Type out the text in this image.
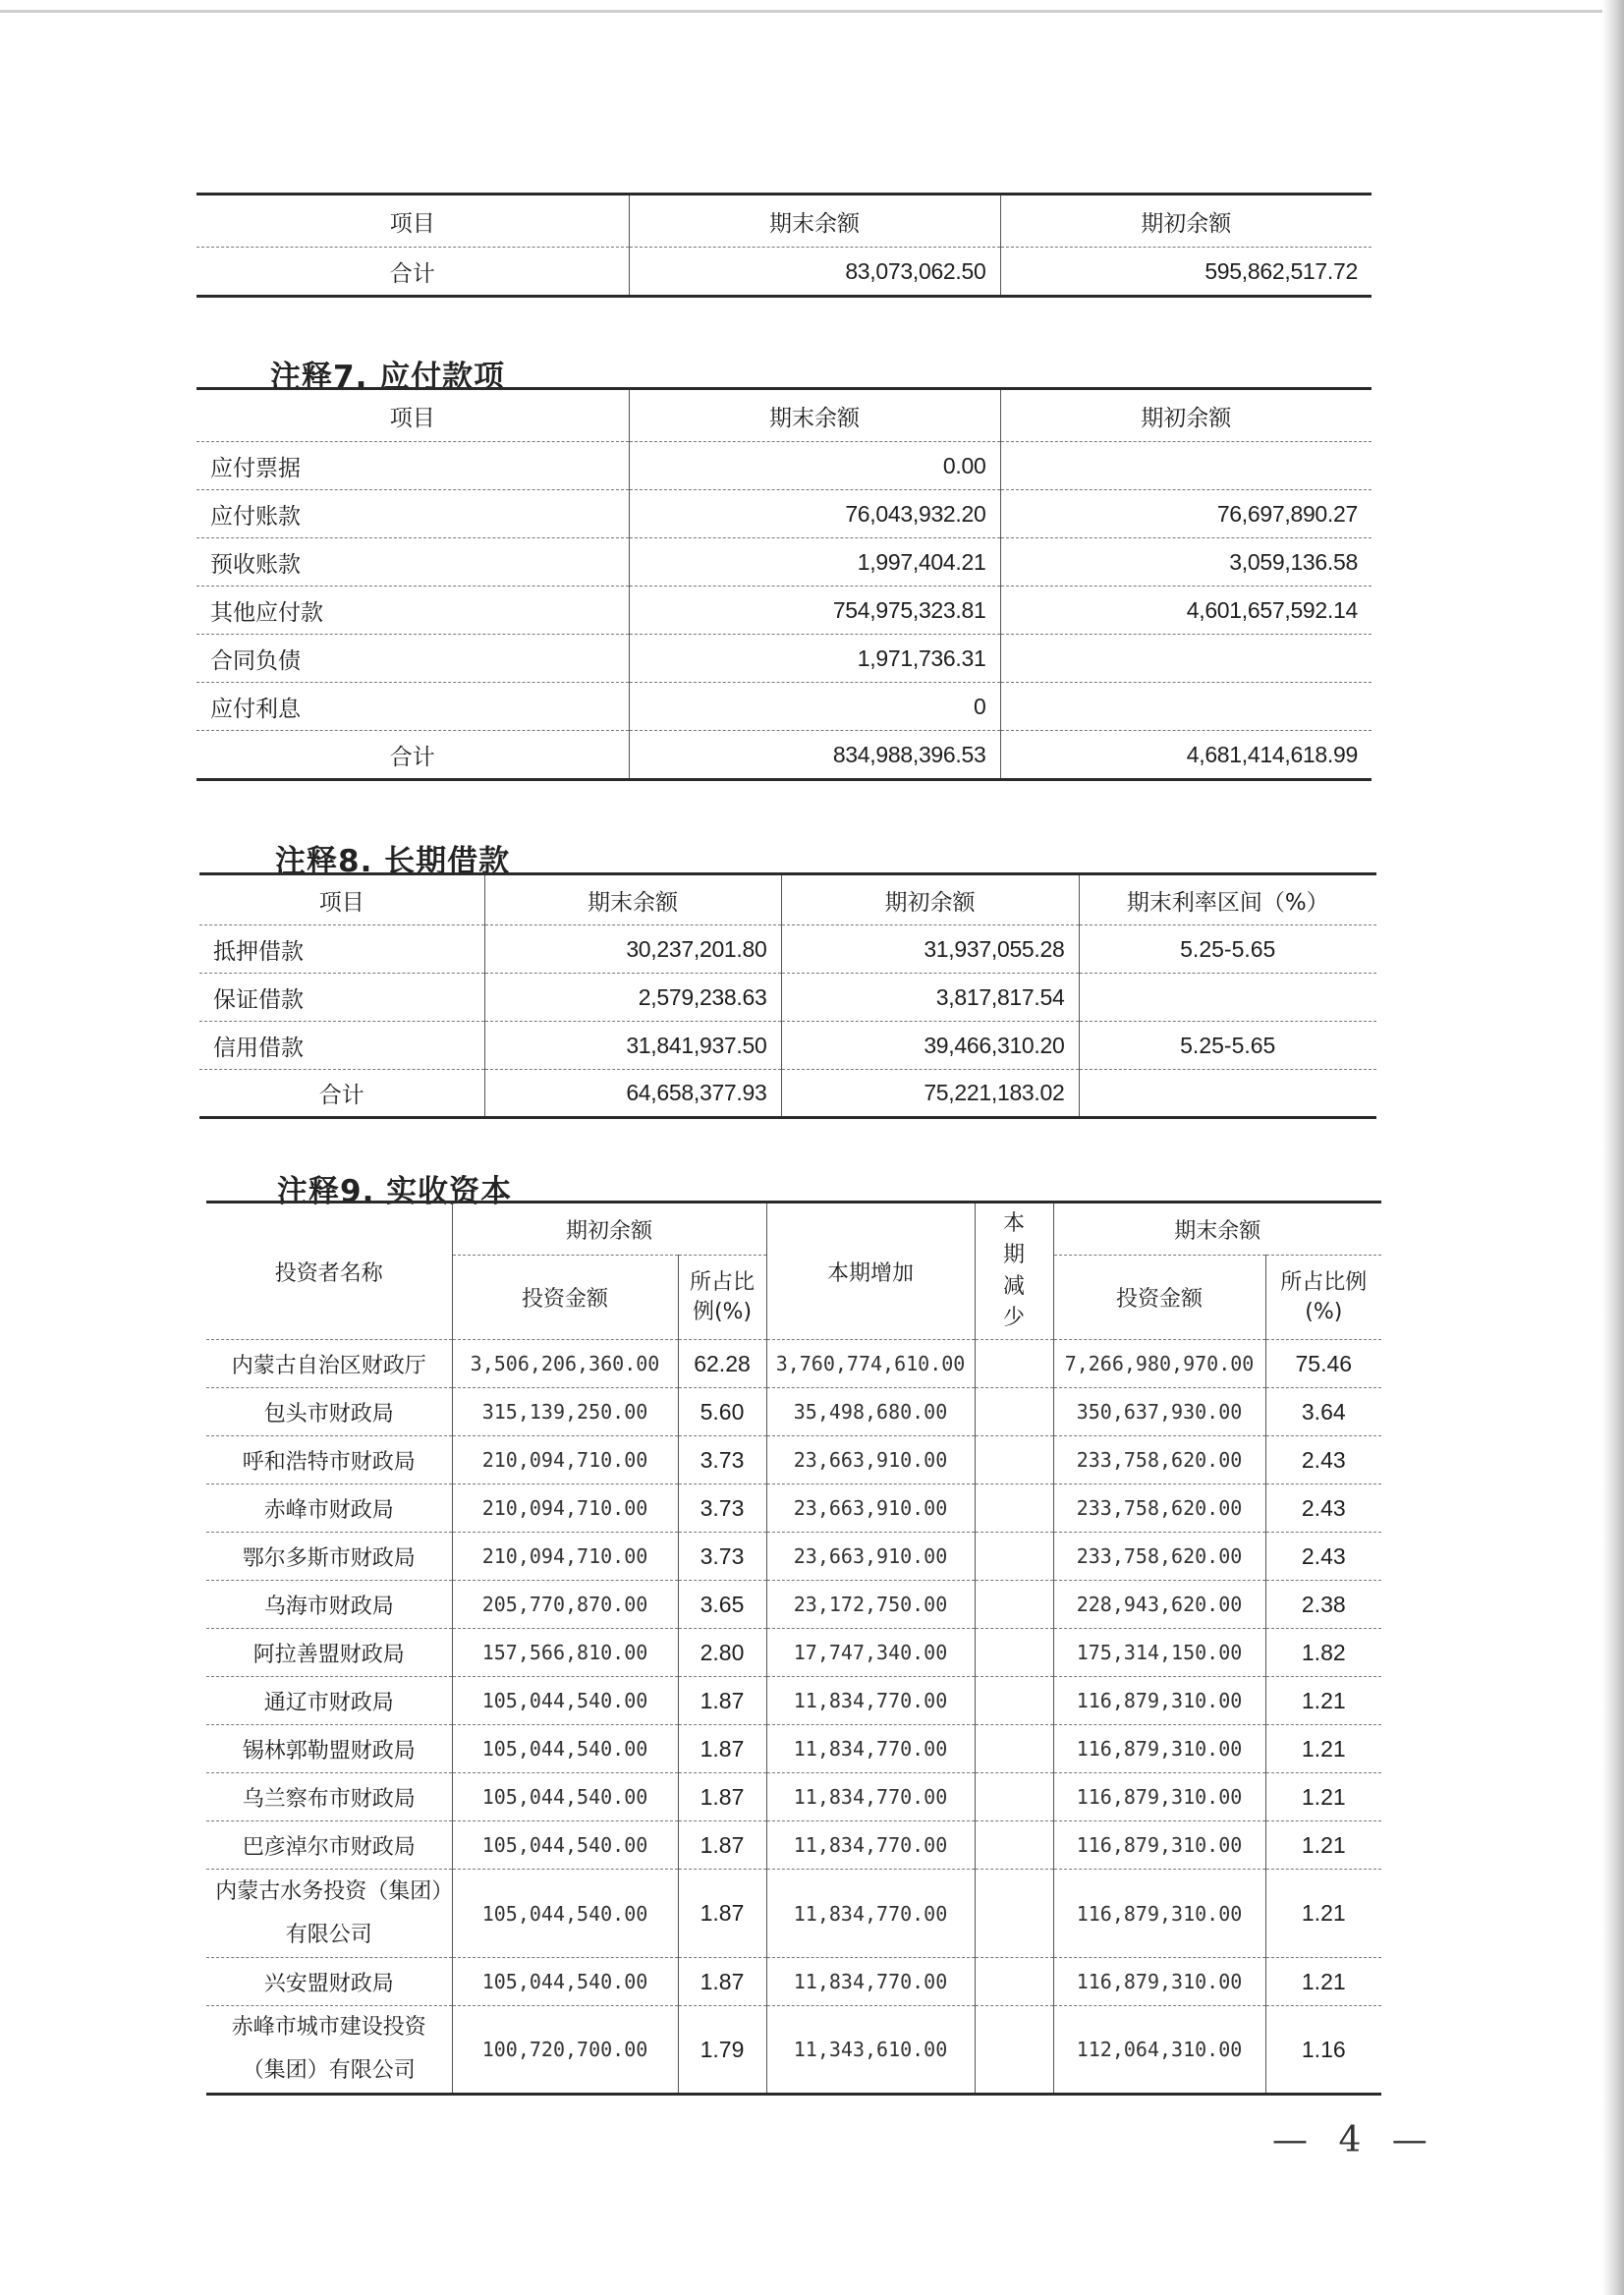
项目	期末余额	期初余额
合计	83,073,062.50	595,862,517.72
注释7. 应付款项
项目	期末余额	期初余额
应付票据	0.00	
应付账款	76,043,932.20	76,697,890.27
预收账款	1,997,404.21	3,059,136.58
其他应付款	754,975,323.81	4,601,657,592.14
合同负债	1,971,736.31	
应付利息	0	
合计	834,988,396.53	4,681,414,618.99
注释8. 长期借款
项目	期末余额	期初余额	期末利率区间（%）
抵押借款	30,237,201.80	31,937,055.28	5.25-5.65
保证借款	2,579,238.63	3,817,817.54	
信用借款	31,841,937.50	39,466,310.20	5.25-5.65
合计	64,658,377.93	75,221,183.02	
注释9. 实收资本
投资者名称	期初余额		本期增加	本期减少	期末余额	
	投资金额	所占比例(%)			投资金额	所占比例(%)
内蒙古自治区财政厅	3,506,206,360.00	62.28	3,760,774,610.00		7,266,980,970.00	75.46
包头市财政局	315,139,250.00	5.60	35,498,680.00		350,637,930.00	3.64
呼和浩特市财政局	210,094,710.00	3.73	23,663,910.00		233,758,620.00	2.43
赤峰市财政局	210,094,710.00	3.73	23,663,910.00		233,758,620.00	2.43
鄂尔多斯市财政局	210,094,710.00	3.73	23,663,910.00		233,758,620.00	2.43
乌海市财政局	205,770,870.00	3.65	23,172,750.00		228,943,620.00	2.38
阿拉善盟财政局	157,566,810.00	2.80	17,747,340.00		175,314,150.00	1.82
通辽市财政局	105,044,540.00	1.87	11,834,770.00		116,879,310.00	1.21
锡林郭勒盟财政局	105,044,540.00	1.87	11,834,770.00		116,879,310.00	1.21
乌兰察布市财政局	105,044,540.00	1.87	11,834,770.00		116,879,310.00	1.21
巴彦淖尔市财政局	105,044,540.00	1.87	11,834,770.00		116,879,310.00	1.21
内蒙古水务投资（集团）有限公司	105,044,540.00	1.87	11,834,770.00		116,879,310.00	1.21
兴安盟财政局	105,044,540.00	1.87	11,834,770.00		116,879,310.00	1.21
赤峰市城市建设投资（集团）有限公司	100,720,700.00	1.79	11,343,610.00		112,064,310.00	1.16
— 4 —
